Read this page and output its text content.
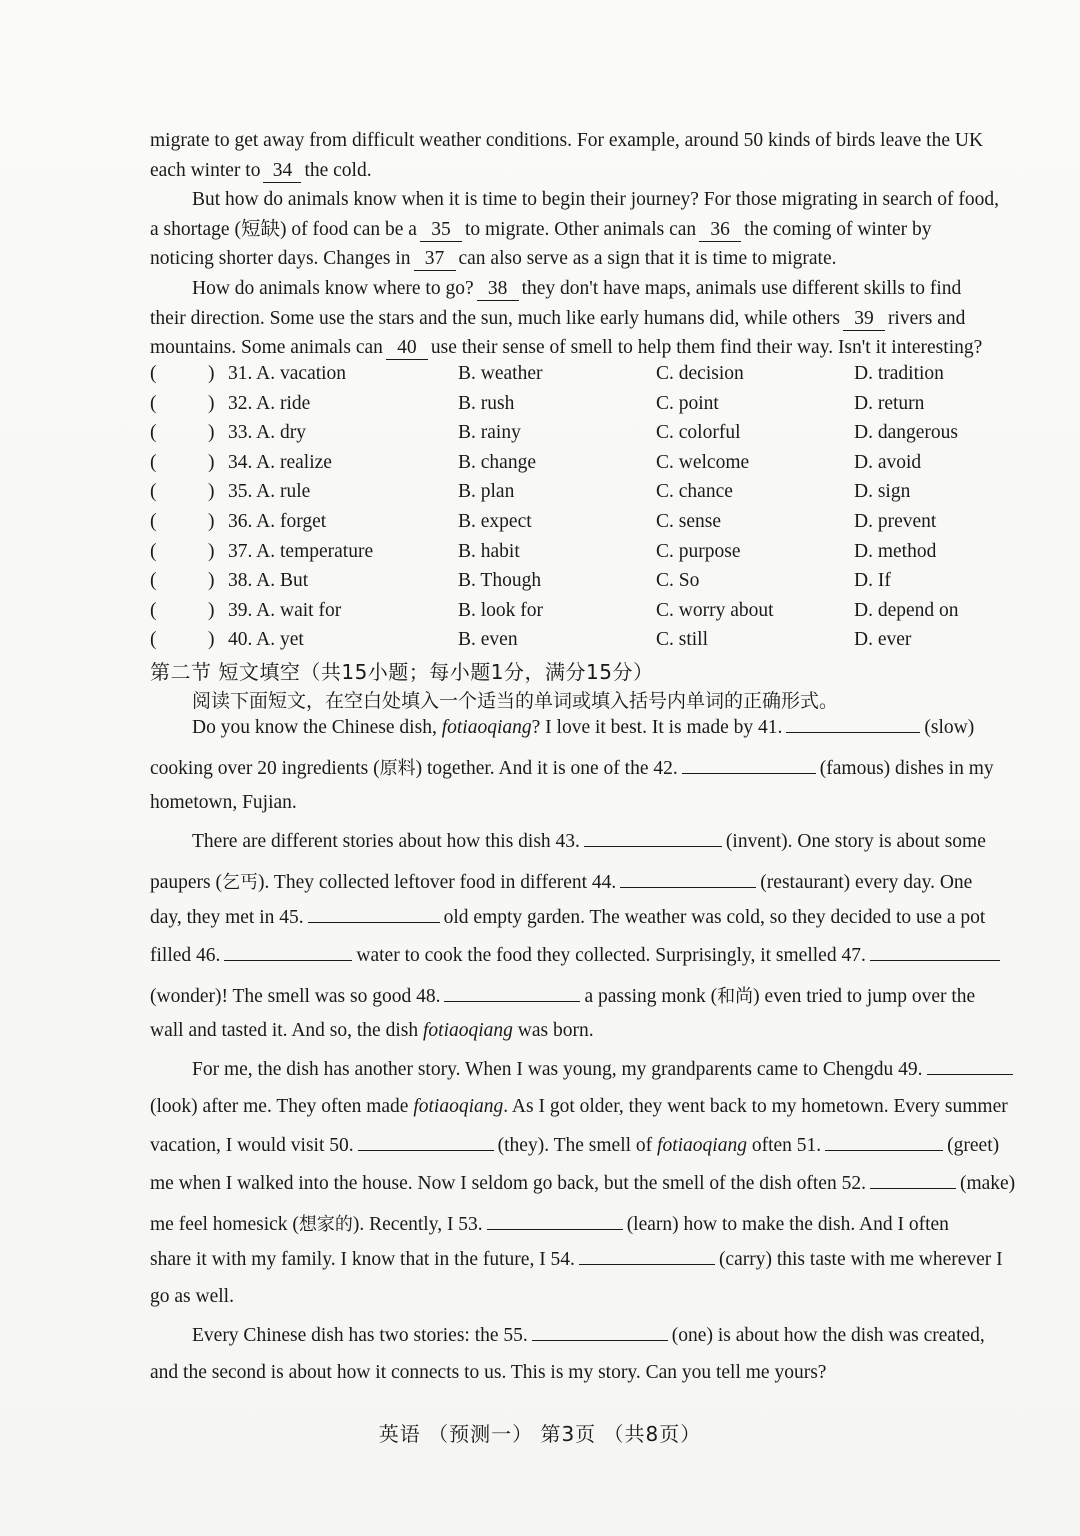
migrate to get away from difficult weather conditions. For example, around 50 kinds of birds leave the UK
each winter to 34 the cold.
But how do animals know when it is time to begin their journey? For those migrating in search of food,
a shortage (短缺) of food can be a 35 to migrate. Other animals can 36 the coming of winter by
noticing shorter days. Changes in 37 can also serve as a sign that it is time to migrate.
How do animals know where to go? 38 they don't have maps, animals use different skills to find
their direction. Some use the stars and the sun, much like early humans did, while others 39 rivers and
mountains. Some animals can 40 use their sense of smell to help them find their way. Isn't it interesting?
(	) 31. A. vacation	B. weather	C. decision	D. tradition
(	) 32. A. ride	B. rush	C. point	D. return
(	) 33. A. dry	B. rainy	C. colorful	D. dangerous
(	) 34. A. realize	B. change	C. welcome	D. avoid
(	) 35. A. rule	B. plan	C. chance	D. sign
(	) 36. A. forget	B. expect	C. sense	D. prevent
(	) 37. A. temperature	B. habit	C. purpose	D. method
(	) 38. A. But	B. Though	C. So	D. If
(	) 39. A. wait for	B. look for	C. worry about	D. depend on
(	) 40. A. yet	B. even	C. still	D. ever
第二节 短文填空（共15小题；每小题1分，满分15分）
阅读下面短文，在空白处填入一个适当的单词或填入括号内单词的正确形式。
Do you know the Chinese dish, fotiaoqiang? I love it best. It is made by 41.	(slow)
cooking over 20 ingredients (原料) together. And it is one of the 42.	(famous) dishes in my
hometown, Fujian.
There are different stories about how this dish 43.	(invent). One story is about some
paupers (乞丐). They collected leftover food in different 44.	(restaurant) every day. One
day, they met in 45.	old empty garden. The weather was cold, so they decided to use a pot
filled 46.	water to cook the food they collected. Surprisingly, it smelled 47.
(wonder)! The smell was so good 48.	a passing monk (和尚) even tried to jump over the
wall and tasted it. And so, the dish fotiaoqiang was born.
For me, the dish has another story. When I was young, my grandparents came to Chengdu 49.
(look) after me. They often made fotiaoqiang. As I got older, they went back to my hometown. Every summer
vacation, I would visit 50.	(they). The smell of fotiaoqiang often 51.	(greet)
me when I walked into the house. Now I seldom go back, but the smell of the dish often 52.	(make)
me feel homesick (想家的). Recently, I 53.	(learn) how to make the dish. And I often
share it with my family. I know that in the future, I 54.	(carry) this taste with me wherever I
go as well.
Every Chinese dish has two stories: the 55.	(one) is about how the dish was created,
and the second is about how it connects to us. This is my story. Can you tell me yours?
英语 （预测一） 第3页 （共8页）
